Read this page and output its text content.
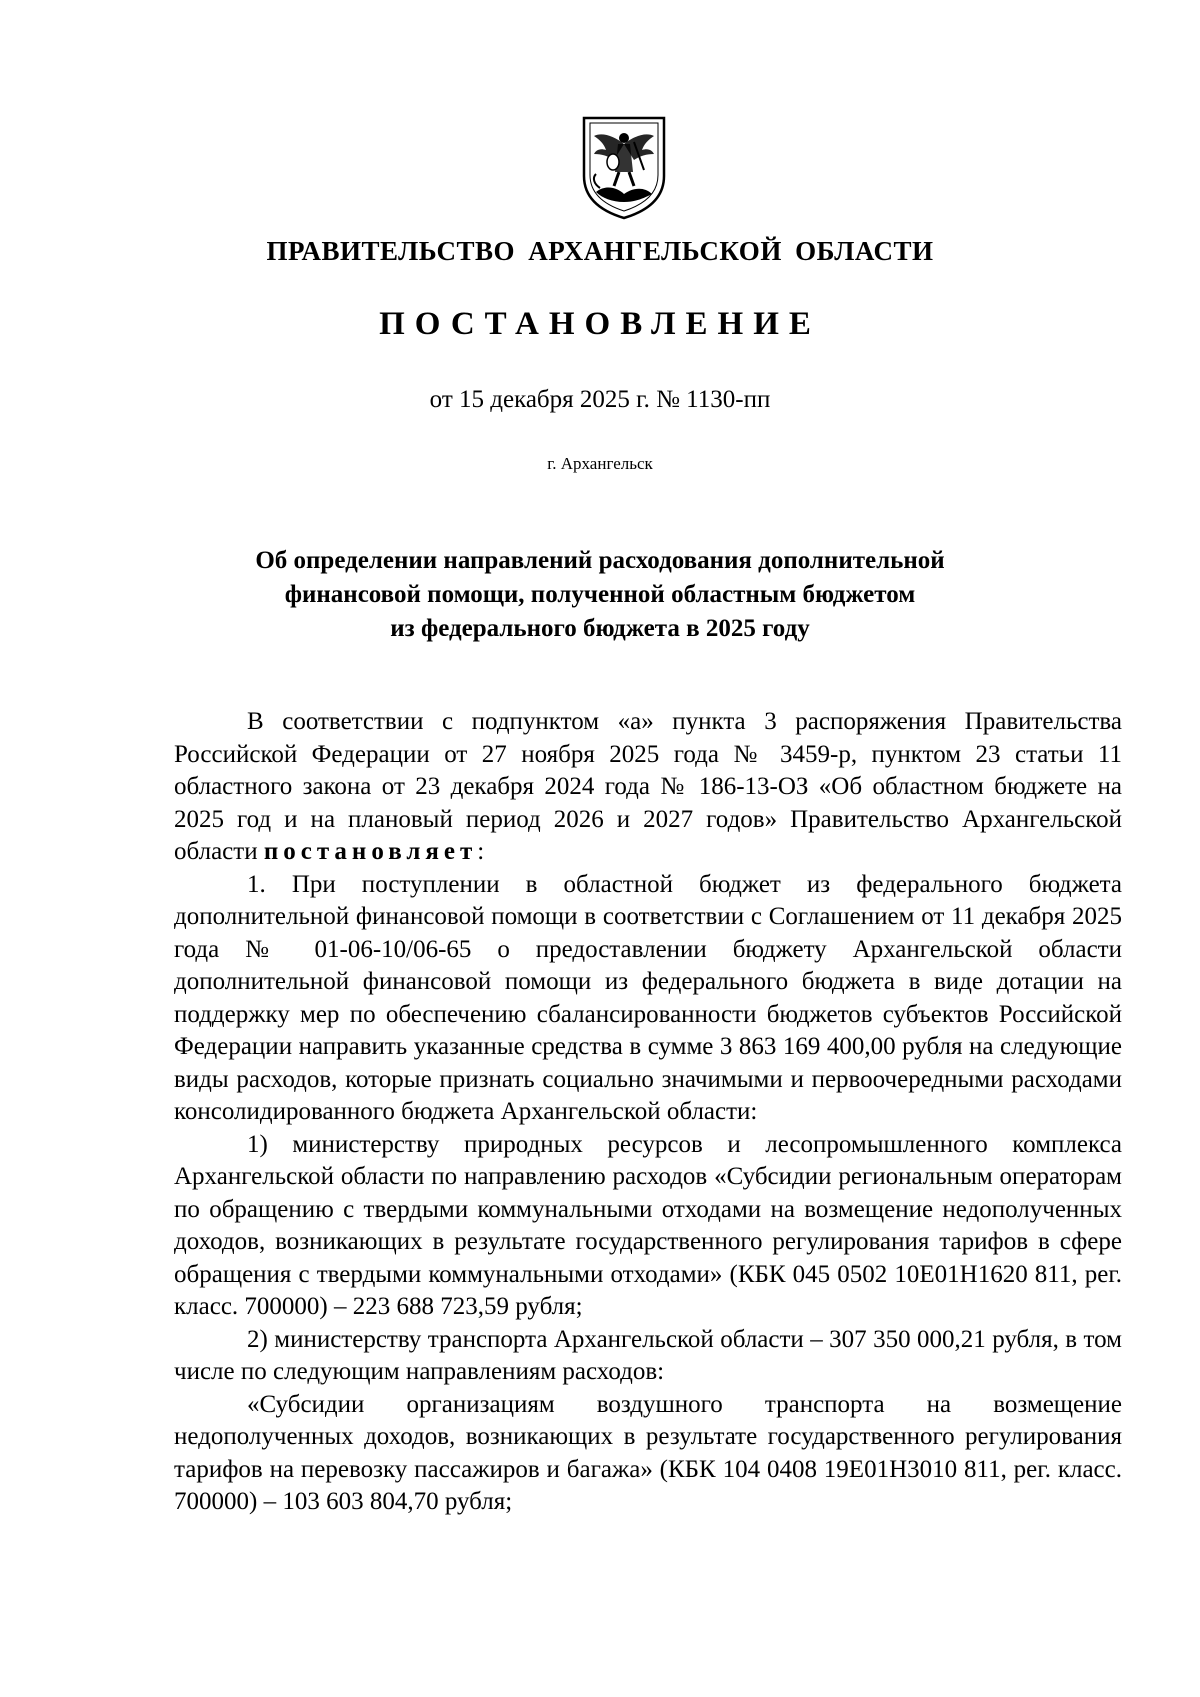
ПРАВИТЕЛЬСТВО АРХАНГЕЛЬСКОЙ ОБЛАСТИ
ПОСТАНОВЛЕНИЕ
от 15 декабря 2025 г. № 1130-пп
г. Архангельск
Об определении направлений расходования дополнительной
финансовой помощи, полученной областным бюджетом
из федерального бюджета в 2025 году

В соответствии с подпунктом «а» пункта 3 распоряжения Правительства Российской Федерации от 27 ноября 2025 года № 3459-р, пунктом 23 статьи 11 областного закона от 23 декабря 2024 года № 186-13-ОЗ «Об областном бюджете на 2025 год и на плановый период 2026 и 2027 годов» Правительство Архангельской области постановляет:

1. При поступлении в областной бюджет из федерального бюджета дополнительной финансовой помощи в соответствии с Соглашением от 11 декабря 2025 года № 01-06-10/06-65 о предоставлении бюджету Архангельской области дополнительной финансовой помощи из федерального бюджета в виде дотации на поддержку мер по обеспечению сбалансированности бюджетов субъектов Российской Федерации направить указанные средства в сумме 3 863 169 400,00 рубля на следующие виды расходов, которые признать социально значимыми и первоочередными расходами консолидированного бюджета Архангельской области:

1) министерству природных ресурсов и лесопромышленного комплекса Архангельской области по направлению расходов «Субсидии региональным операторам по обращению с твердыми коммунальными отходами на возмещение недополученных доходов, возникающих в результате государственного регулирования тарифов в сфере обращения с твердыми коммунальными отходами» (КБК 045 0502 10Е01Н1620 811, рег. класс. 700000) – 223 688 723,59 рубля;

2) министерству транспорта Архангельской области – 307 350 000,21 рубля, в том числе по следующим направлениям расходов:

«Субсидии организациям воздушного транспорта на возмещение недополученных доходов, возникающих в результате государственного регулирования тарифов на перевозку пассажиров и багажа» (КБК 104 0408 19Е01Н3010 811, рег. класс. 700000) – 103 603 804,70 рубля;
